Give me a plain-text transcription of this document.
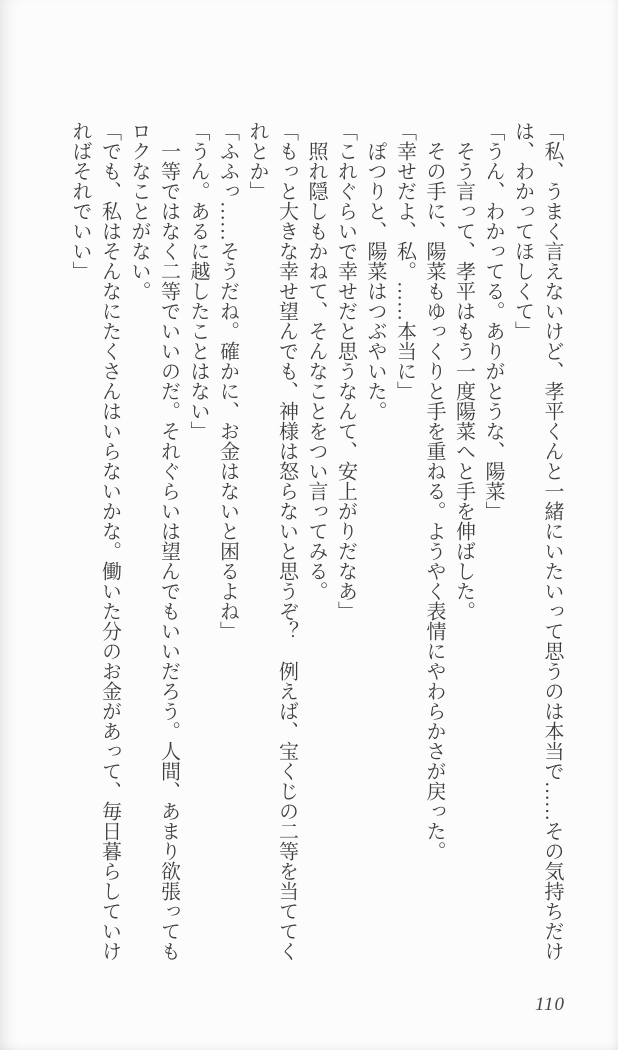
「私、うまく言えないけど、孝平くんと一緒にいたいって思うのは本当で……その気持ちだけ

は、わかってほしくて」

「うん、わかってる。ありがとうな、陽菜」

そう言って、孝平はもう一度陽菜へと手を伸ばした。

その手に、陽菜もゆっくりと手を重ねる。ようやく表情にやわらかさが戻った。

「幸せだよ、私。……本当に」

ぽつりと、陽菜はつぶやいた。

「これぐらいで幸せだと思うなんて、安上がりだなあ」

照れ隠しもかねて、そんなことをつい言ってみる。

「もっと大きな幸せ望んでも、神様は怒らないと思うぞ？　例えば、宝くじの二等を当ててく

れとか」

「ふふっ……そうだね。確かに、お金はないと困るよね」

「うん。あるに越したことはない」

一等ではなく二等でいいのだ。それぐらいは望んでもいいだろう。人間、あまり欲張っても

ロクなことがない。

「でも、私はそんなにたくさんはいらないかな。働いた分のお金があって、毎日暮らしていけ

ればそれでいい」

110
